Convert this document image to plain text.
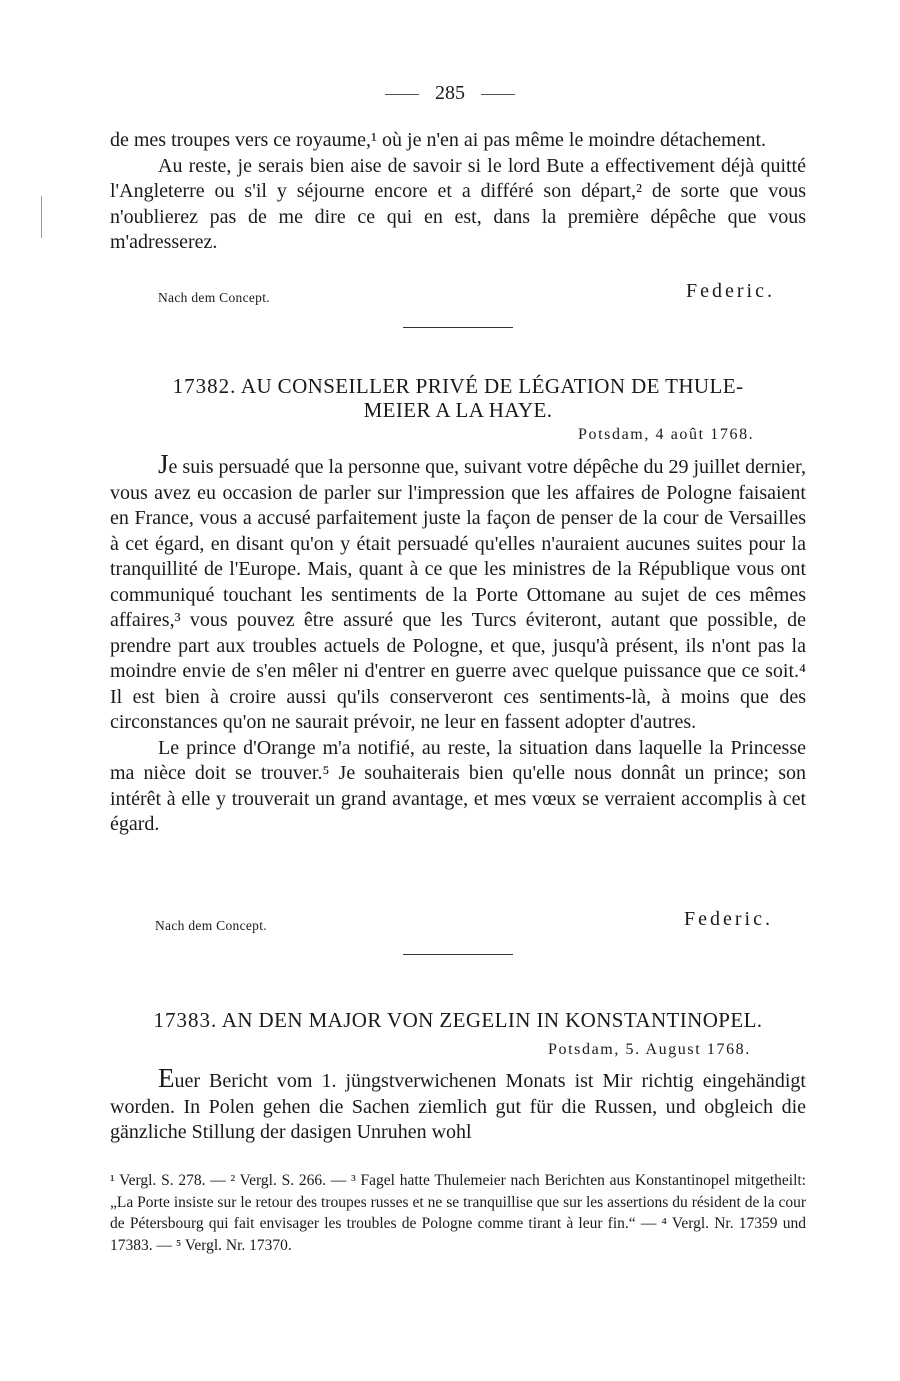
285

de mes troupes vers ce royaume,¹ où je n'en ai pas même le moindre détachement.

Au reste, je serais bien aise de savoir si le lord Bute a effectivement déjà quitté l'Angleterre ou s'il y séjourne encore et a différé son départ,² de sorte que vous n'oublierez pas de me dire ce qui en est, dans la première dépêche que vous m'adresserez.

Nach dem Concept.	Federic.
17382. AU CONSEILLER PRIVÉ DE LÉGATION DE THULE-
MEIER A LA HAYE.
Potsdam, 4 août 1768.

Je suis persuadé que la personne que, suivant votre dépêche du 29 juillet dernier, vous avez eu occasion de parler sur l'impression que les affaires de Pologne faisaient en France, vous a accusé parfaitement juste la façon de penser de la cour de Versailles à cet égard, en disant qu'on y était persuadé qu'elles n'auraient aucunes suites pour la tranquillité de l'Europe. Mais, quant à ce que les ministres de la République vous ont communiqué touchant les sentiments de la Porte Ottomane au sujet de ces mêmes affaires,³ vous pouvez être assuré que les Turcs éviteront, autant que possible, de prendre part aux troubles actuels de Pologne, et que, jusqu'à présent, ils n'ont pas la moindre envie de s'en mêler ni d'entrer en guerre avec quelque puissance que ce soit.⁴ Il est bien à croire aussi qu'ils conserveront ces sentiments-là, à moins que des circonstances qu'on ne saurait prévoir, ne leur en fassent adopter d'autres.

Le prince d'Orange m'a notifié, au reste, la situation dans laquelle la Princesse ma nièce doit se trouver.⁵ Je souhaiterais bien qu'elle nous donnât un prince; son intérêt à elle y trouverait un grand avantage, et mes vœux se verraient accomplis à cet égard.

Nach dem Concept.	Federic.
17383. AN DEN MAJOR VON ZEGELIN IN KONSTANTINOPEL.
Potsdam, 5. August 1768.

Euer Bericht vom 1. jüngstverwichenen Monats ist Mir richtig eingehändigt worden. In Polen gehen die Sachen ziemlich gut für die Russen, und obgleich die gänzliche Stillung der dasigen Unruhen wohl

¹ Vergl. S. 278. — ² Vergl. S. 266. — ³ Fagel hatte Thulemeier nach Berichten aus Konstantinopel mitgetheilt: „La Porte insiste sur le retour des troupes russes et ne se tranquillise que sur les assertions du résident de la cour de Pétersbourg qui fait envisager les troubles de Pologne comme tirant à leur fin.“ — ⁴ Vergl. Nr. 17359 und 17383. — ⁵ Vergl. Nr. 17370.
